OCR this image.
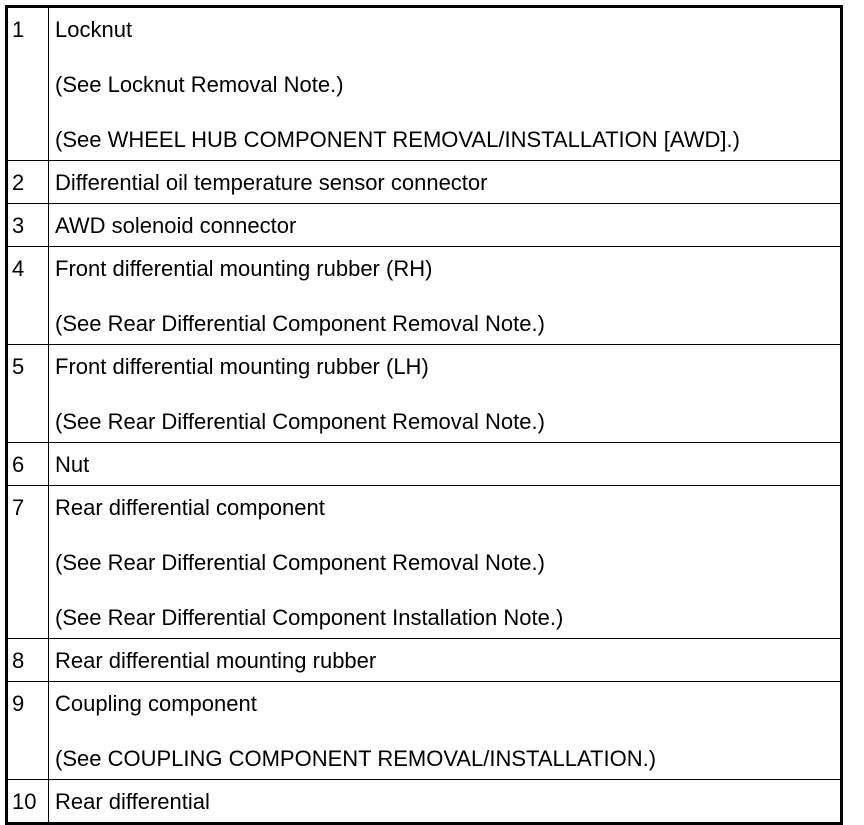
1	Locknut
(See Locknut Removal Note.)
(See WHEEL HUB COMPONENT REMOVAL/INSTALLATION [AWD].)

2	Differential oil temperature sensor connector

3	AWD solenoid connector

4	Front differential mounting rubber (RH)
(See Rear Differential Component Removal Note.)

5	Front differential mounting rubber (LH)
(See Rear Differential Component Removal Note.)

6	Nut

7	Rear differential component
(See Rear Differential Component Removal Note.)
(See Rear Differential Component Installation Note.)

8	Rear differential mounting rubber

9	Coupling component
(See COUPLING COMPONENT REMOVAL/INSTALLATION.)

10	Rear differential
